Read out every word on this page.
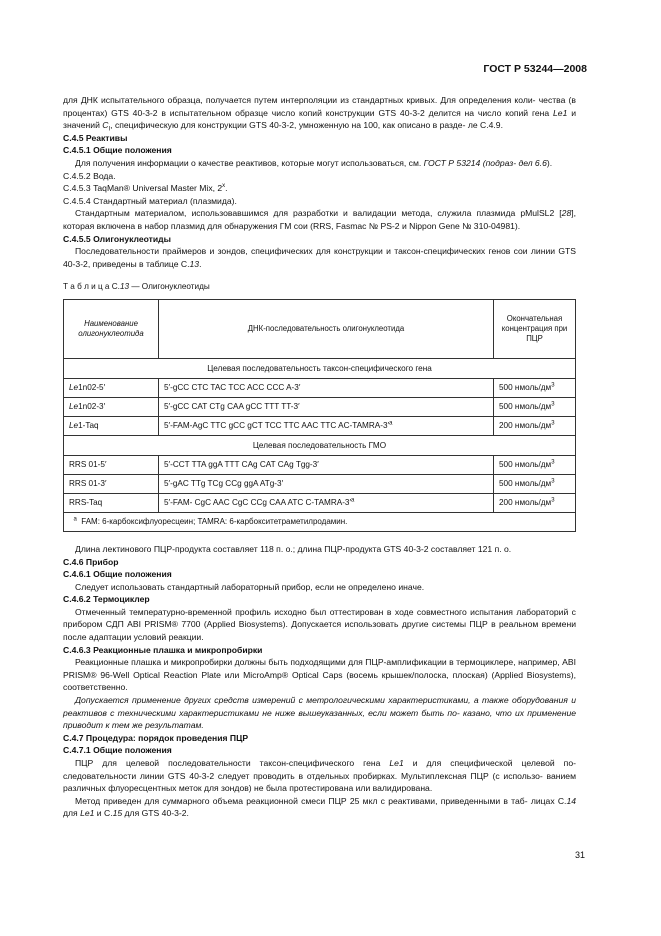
ГОСТ Р 53244—2008

для ДНК испытательного образца, получается путем интерполяции из стандартных кривых. Для определения коли- чества (в процентах) GTS 40-3-2 в испытательном образце число копий конструкции GTS 40-3-2 делится на число копий гена Le1 и значений $C_I$, специфическую для конструкции GTS 40-3-2, умноженную на 100, как описано в разде- ле С.4.9.

С.4.5 Реактивы

С.4.5.1 Общие положения

Для получения информации о качестве реактивов, которые могут использоваться, см. ГОСТ Р 53214 (подраз- дел 6.6).

С.4.5.2 Вода.

С.4.5.3 TaqMan® Universal Master Mix, 2$^x$.

С.4.5.4 Стандартный материал (плазмида).

Стандартным материалом, использовавшимся для разработки и валидации метода, служила плазмида pMulSL2 [28], которая включена в набор плазмид для обнаружения ГМ сои (RRS, Fasmac № PS-2 и Nippon Gene № 310-04981).

С.4.5.5 Олигонуклеотиды

Последовательности праймеров и зондов, специфических для конструкции и таксон-специфических генов сои линии GTS 40-3-2, приведены в таблице С.13.

Т а б л и ц а С.13 — Олигонуклеотиды
Наименование олигонуклеотида	ДНК-последовательность олигонуклеотида	Окончательная концентрация при ПЦР
Целевая последовательность таксон-специфического гена		
Le1n02-5′	5′-gCC CTC TAC TCC ACC CCC A-3′	500 нмоль/$дм^3$
Le1n02-3′	5′-gCC CAT CTg CAA gCC TTT TT-3′	500 нмоль/$дм^3$
Le1-Taq	5′-FAM-AgC TTC gCC gCT TCC TTC AAC TTC $AC-TAMRA-3'^a$	200 нмоль/$дм^3$
Целевая последовательность ГМО		
RRS 01-5′	5′-CCT TTA ggA TTT CAg CAT CAg Tgg-3′	500 нмоль/$дм^3$
RRS 01-3′	5′-gAC TTg TCg CCg ggA ATg-3′	500 нмоль/$дм^3$
RRS-Taq	5′-FAM- CgC AAC CgC CCg CAA ATC $C-TAMRA-3'^a$	200 нмоль/$дм^3$
$^a$ FAM: 6-карбоксифлуоресцеин; TAMRA: 6-карбокситетраметилродамин.		

Длина лектинового ПЦР-продукта составляет 118 п. о.; длина ПЦР-продукта GTS 40-3-2 составляет 121 п. о.

С.4.6 Прибор

С.4.6.1 Общие положения

Следует использовать стандартный лабораторный прибор, если не определено иначе.

С.4.6.2 Термоциклер

Отмеченный температурно-временной профиль исходно был оттестирован в ходе совместного испытания лабораторий с прибором СДП ABI PRISM® 7700 (Applied Biosystems). Допускается использовать другие системы ПЦР в реальном времени после адаптации условий реакции.

С.4.6.3 Реакционные плашка и микропробирки

Реакционные плашка и микропробирки должны быть подходящими для ПЦР-амплификации в термоциклере, например, ABI PRISM® 96-Well Optical Reaction Plate или MicroAmp® Optical Caps (восемь крышек/полоска, плоская) (Applied Biosystems), соответственно.

Допускается применение других средств измерений с метрологическими характеристиками, а также оборудования и реактивов с техническими характеристиками не ниже вышеуказанных, если может быть по- казано, что их применение приводит к тем же результатам.

С.4.7 Процедура: порядок проведения ПЦР

С.4.7.1 Общие положения

ПЦР для целевой последовательности таксон-специфического гена Le1 и для специфической целевой по- следовательности линии GTS 40-3-2 следует проводить в отдельных пробирках. Мультиплексная ПЦР (с использо- ванием различных флуоресцентных меток для зондов) не была протестирована или валидирована.

Метод приведен для суммарного объема реакционной смеси ПЦР 25 мкл с реактивами, приведенными в таб- лицах С.14 для Le1 и С.15 для GTS 40-3-2.

31
